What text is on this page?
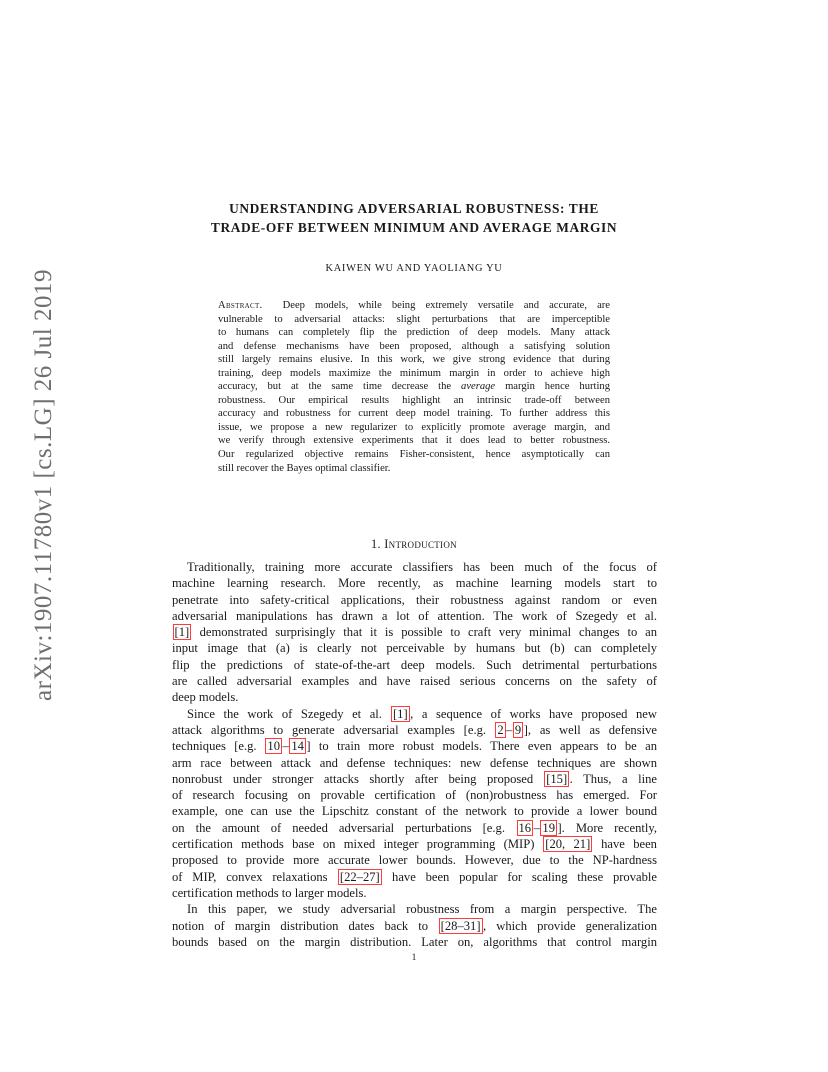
arXiv:1907.11780v1 [cs.LG] 26 Jul 2019
UNDERSTANDING ADVERSARIAL ROBUSTNESS: THE
TRADE-OFF BETWEEN MINIMUM AND AVERAGE MARGIN
KAIWEN WU AND YAOLIANG YU
Abstract. Deep models, while being extremely versatile and accurate, are
vulnerable to adversarial attacks: slight perturbations that are imperceptible
to humans can completely flip the prediction of deep models. Many attack
and defense mechanisms have been proposed, although a satisfying solution
still largely remains elusive. In this work, we give strong evidence that during
training, deep models maximize the minimum margin in order to achieve high
accuracy, but at the same time decrease the average margin hence hurting
robustness. Our empirical results highlight an intrinsic trade-off between
accuracy and robustness for current deep model training. To further address this
issue, we propose a new regularizer to explicitly promote average margin, and
we verify through extensive experiments that it does lead to better robustness.
Our regularized objective remains Fisher-consistent, hence asymptotically can
still recover the Bayes optimal classifier.
1. Introduction
Traditionally, training more accurate classifiers has been much of the focus of
machine learning research. More recently, as machine learning models start to
penetrate into safety-critical applications, their robustness against random or even
adversarial manipulations has drawn a lot of attention. The work of Szegedy et al.
[1] demonstrated surprisingly that it is possible to craft very minimal changes to an
input image that (a) is clearly not perceivable by humans but (b) can completely
flip the predictions of state-of-the-art deep models. Such detrimental perturbations
are called adversarial examples and have raised serious concerns on the safety of
deep models.
Since the work of Szegedy et al. [1] , a sequence of works have proposed new
attack algorithms to generate adversarial examples [e.g. 2 – 9 ], as well as defensive
techniques [e.g. 10 – 14 ] to train more robust models. There even appears to be an
arm race between attack and defense techniques: new defense techniques are shown
nonrobust under stronger attacks shortly after being proposed [15] . Thus, a line
of research focusing on provable certification of (non)robustness has emerged. For
example, one can use the Lipschitz constant of the network to provide a lower bound
on the amount of needed adversarial perturbations [e.g. 16 – 19 ]. More recently,
certification methods base on mixed integer programming (MIP) [20, 21] have been
proposed to provide more accurate lower bounds. However, due to the NP-hardness
of MIP, convex relaxations [22–27] have been popular for scaling these provable
certification methods to larger models.
In this paper, we study adversarial robustness from a margin perspective. The
notion of margin distribution dates back to [28–31] , which provide generalization
bounds based on the margin distribution. Later on, algorithms that control margin
1
